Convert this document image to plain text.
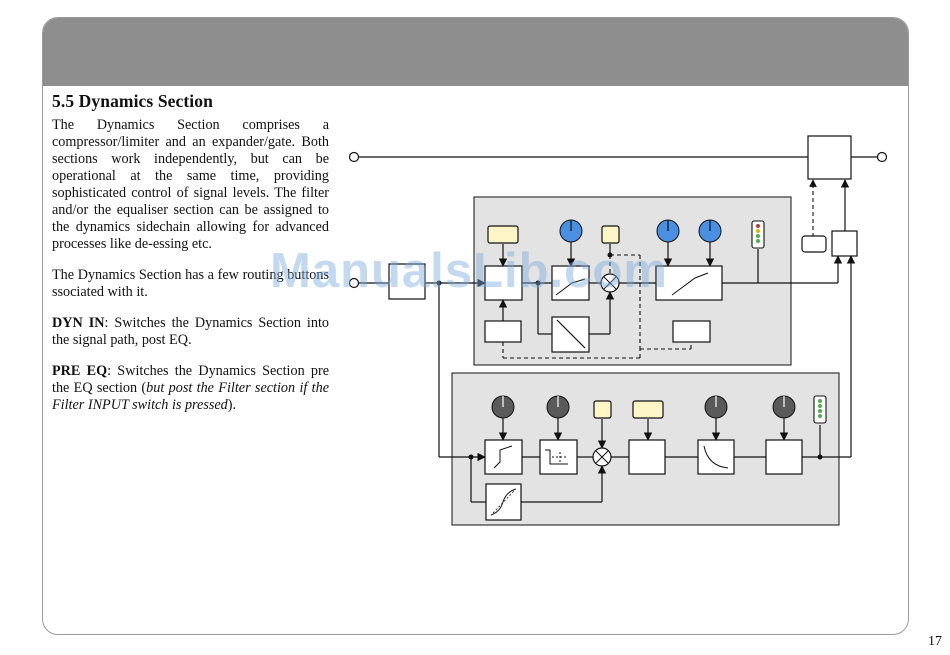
5.5 Dynamics Section

The Dynamics Section comprises a compressor/limiter and an expander/gate. Both sections work independently, but can be operational at the same time, providing sophisticated control of signal levels. The filter and/or the equaliser section can be assigned to the dynamics sidechain allowing for advanced processes like de-essing etc.

The Dynamics Section has a few routing buttons ssociated with it.

DYN IN: Switches the Dynamics Section into the signal path, post EQ.

PRE EQ: Switches the Dynamics Section pre the EQ section (but post the Filter section if the Filter INPUT switch is pressed).

ManualsLib.com
17
